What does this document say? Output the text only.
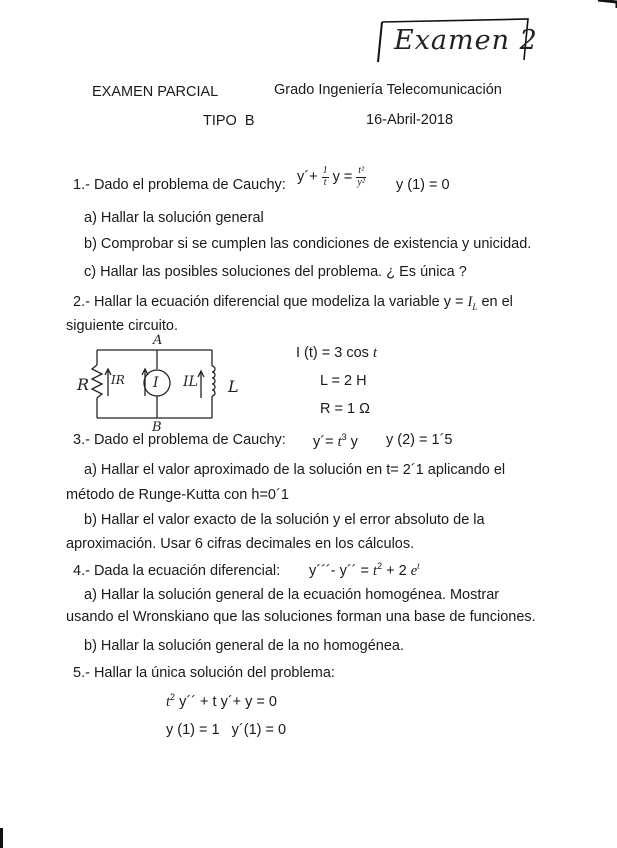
Examen 2
EXAMEN PARCIAL	Grado Ingeniería Telecomunicación
TIPO  B	16-Abril-2018
1.- Dado el problema de Cauchy:
y´+ $\frac{1}{t}$ $y = \frac{\text{t²}}{\text{y²}}$ y (1) = 0
a) Hallar la solución general
b) Comprobar si se cumplen las condiciones de existencia y unicidad.
c) Hallar las posibles soluciones del problema. ¿ Es única ?
2.- Hallar la ecuación diferencial que modeliza la variable $y = I_L$ en el
siguiente circuito.
A
B
R IR I IL L
I (t) = 3 cos t
L = 2 H
R = 1 Ω
3.- Dado el problema de Cauchy: y´= $t^3$ y y (2) = 1´5
a) Hallar el valor aproximado de la solución en t= 2´1 aplicando el
método de Runge-Kutta con h=0´1
b) Hallar el valor exacto de la solución y el error absoluto de la
aproximación. Usar 6 cifras decimales en los cálculos.
4.- Dada la ecuación diferencial: y´´´- y´´ = $t^2 + 2$ $e^t$
a) Hallar la solución general de la ecuación homogénea. Mostrar
usando el Wronskiano que las soluciones forman una base de funciones.
b) Hallar la solución general de la no homogénea.
5.- Hallar la única solución del problema:
$t^2$ y´´ + t y´+ y = 0
y (1) = 1   y´(1) = 0
